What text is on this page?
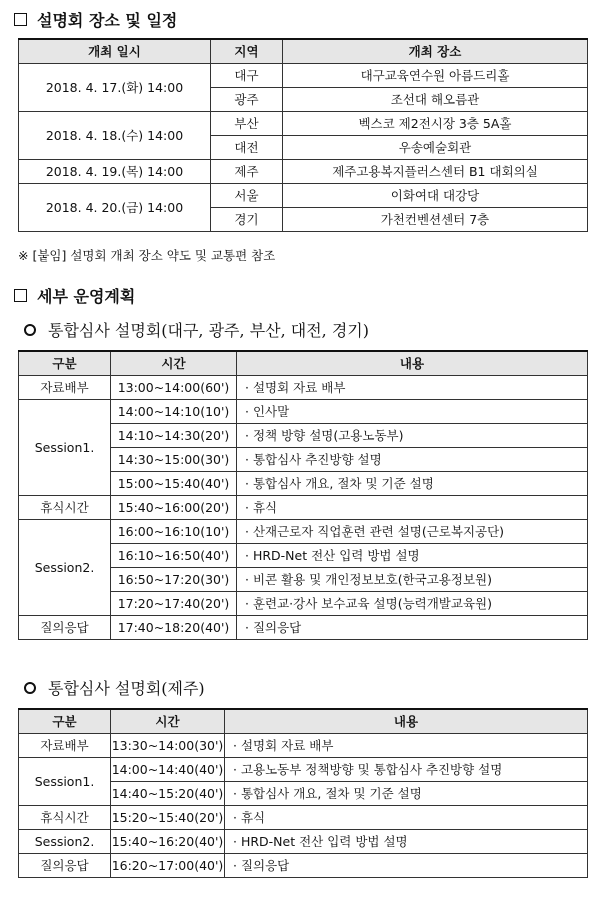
설명회 장소 및 일정
개최 일시	지역	개최 장소
2018. 4. 17.(화) 14:00	대구	대구교육연수원 아름드리홀
	광주	조선대 해오름관
2018. 4. 18.(수) 14:00	부산	벡스코 제2전시장 3층 5A홀
	대전	우송예술회관
2018. 4. 19.(목) 14:00	제주	제주고용복지플러스센터 B1 대회의실
2018. 4. 20.(금) 14:00	서울	이화여대 대강당
	경기	가천컨벤션센터 7층
※ [붙임] 설명회 개최 장소 약도 및 교통편 참조
세부 운영계획
통합심사 설명회(대구, 광주, 부산, 대전, 경기)
구분	시간	내용
자료배부	13:00~14:00(60')	· 설명회 자료 배부
Session1.	14:00~14:10(10')	· 인사말
	14:10~14:30(20')	· 정책 방향 설명(고용노동부)
	14:30~15:00(30')	· 통합심사 추진방향 설명
	15:00~15:40(40')	· 통합심사 개요, 절차 및 기준 설명
휴식시간	15:40~16:00(20')	· 휴식
Session2.	16:00~16:10(10')	· 산재근로자 직업훈련 관련 설명(근로복지공단)
	16:10~16:50(40')	· HRD-Net 전산 입력 방법 설명
	16:50~17:20(30')	· 비콘 활용 및 개인정보보호(한국고용정보원)
	17:20~17:40(20')	· 훈련교·강사 보수교육 설명(능력개발교육원)
질의응답	17:40~18:20(40')	· 질의응답
통합심사 설명회(제주)
구분	시간	내용
자료배부	13:30~14:00(30')	· 설명회 자료 배부
Session1.	14:00~14:40(40')	· 고용노동부 정책방향 및 통합심사 추진방향 설명
	14:40~15:20(40')	· 통합심사 개요, 절차 및 기준 설명
휴식시간	15:20~15:40(20')	· 휴식
Session2.	15:40~16:20(40')	· HRD-Net 전산 입력 방법 설명
질의응답	16:20~17:00(40')	· 질의응답
